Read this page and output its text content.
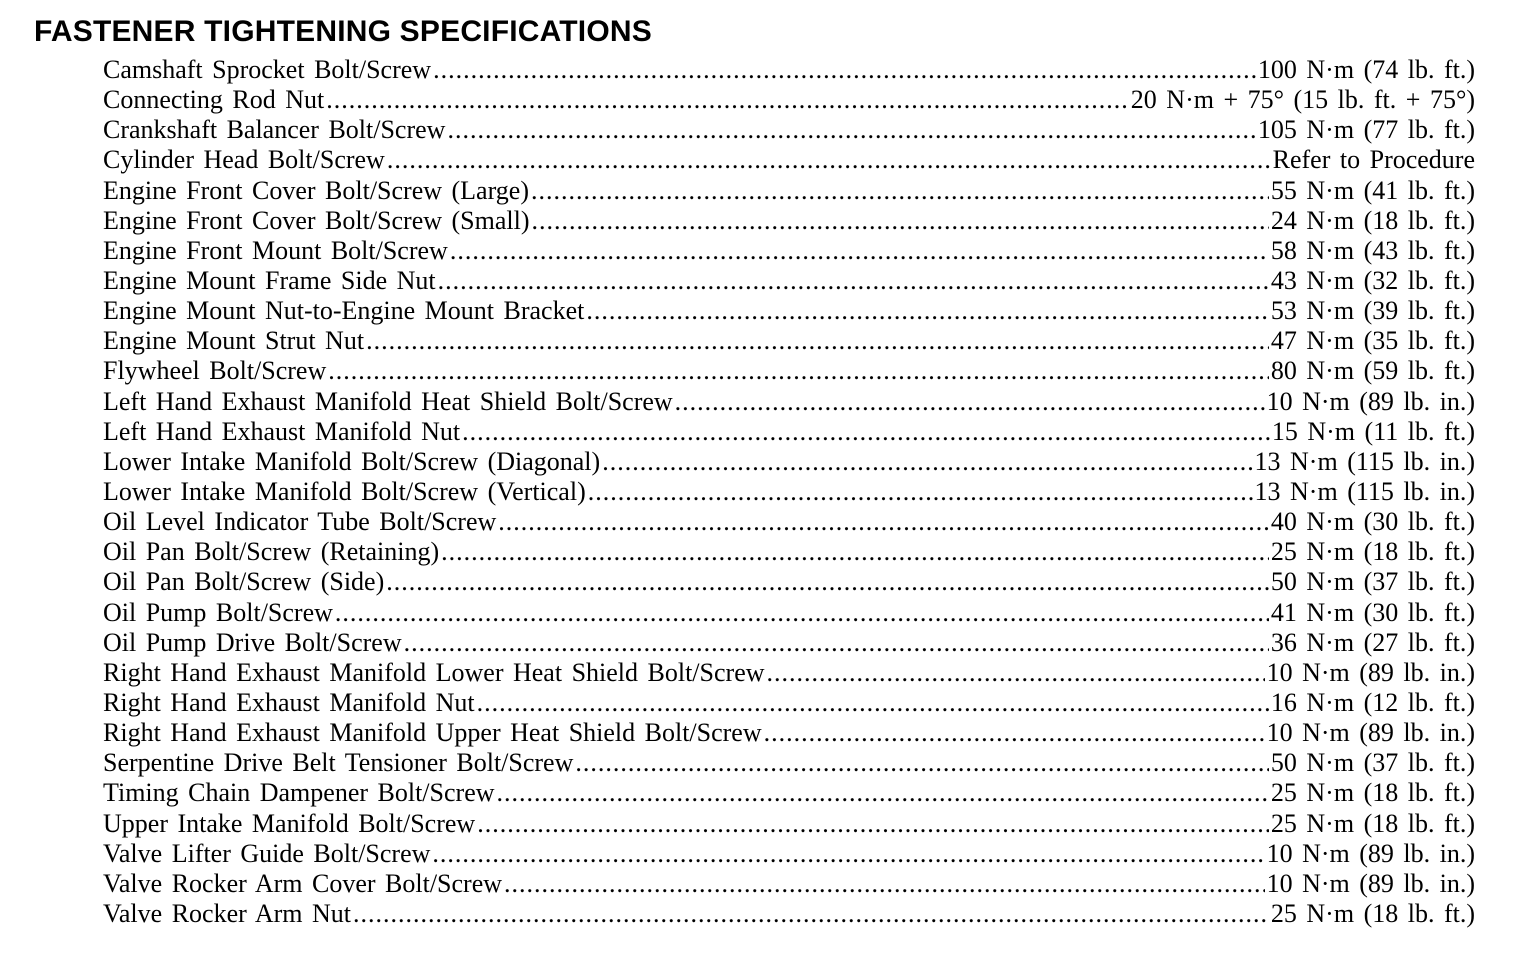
FASTENER TIGHTENING SPECIFICATIONS
Camshaft Sprocket Bolt/Screw .....	100 N·m (74 lb. ft.)
Connecting Rod Nut .....	20 N·m + 75° (15 lb. ft. + 75°)
Crankshaft Balancer Bolt/Screw .....	105 N·m (77 lb. ft.)
Cylinder Head Bolt/Screw .....	Refer to Procedure
Engine Front Cover Bolt/Screw (Large) .....	55 N·m (41 lb. ft.)
Engine Front Cover Bolt/Screw (Small) .....	24 N·m (18 lb. ft.)
Engine Front Mount Bolt/Screw .....	58 N·m (43 lb. ft.)
Engine Mount Frame Side Nut .....	43 N·m (32 lb. ft.)
Engine Mount Nut-to-Engine Mount Bracket .....	53 N·m (39 lb. ft.)
Engine Mount Strut Nut .....	47 N·m (35 lb. ft.)
Flywheel Bolt/Screw .....	80 N·m (59 lb. ft.)
Left Hand Exhaust Manifold Heat Shield Bolt/Screw .....	10 N·m (89 lb. in.)
Left Hand Exhaust Manifold Nut .....	15 N·m (11 lb. ft.)
Lower Intake Manifold Bolt/Screw (Diagonal) .....	13 N·m (115 lb. in.)
Lower Intake Manifold Bolt/Screw (Vertical) .....	13 N·m (115 lb. in.)
Oil Level Indicator Tube Bolt/Screw .....	40 N·m (30 lb. ft.)
Oil Pan Bolt/Screw (Retaining) .....	25 N·m (18 lb. ft.)
Oil Pan Bolt/Screw (Side) .....	50 N·m (37 lb. ft.)
Oil Pump Bolt/Screw .....	41 N·m (30 lb. ft.)
Oil Pump Drive Bolt/Screw .....	36 N·m (27 lb. ft.)
Right Hand Exhaust Manifold Lower Heat Shield Bolt/Screw .....	10 N·m (89 lb. in.)
Right Hand Exhaust Manifold Nut .....	16 N·m (12 lb. ft.)
Right Hand Exhaust Manifold Upper Heat Shield Bolt/Screw .....	10 N·m (89 lb. in.)
Serpentine Drive Belt Tensioner Bolt/Screw .....	50 N·m (37 lb. ft.)
Timing Chain Dampener Bolt/Screw .....	25 N·m (18 lb. ft.)
Upper Intake Manifold Bolt/Screw .....	25 N·m (18 lb. ft.)
Valve Lifter Guide Bolt/Screw .....	10 N·m (89 lb. in.)
Valve Rocker Arm Cover Bolt/Screw .....	10 N·m (89 lb. in.)
Valve Rocker Arm Nut .....	25 N·m (18 lb. ft.)
